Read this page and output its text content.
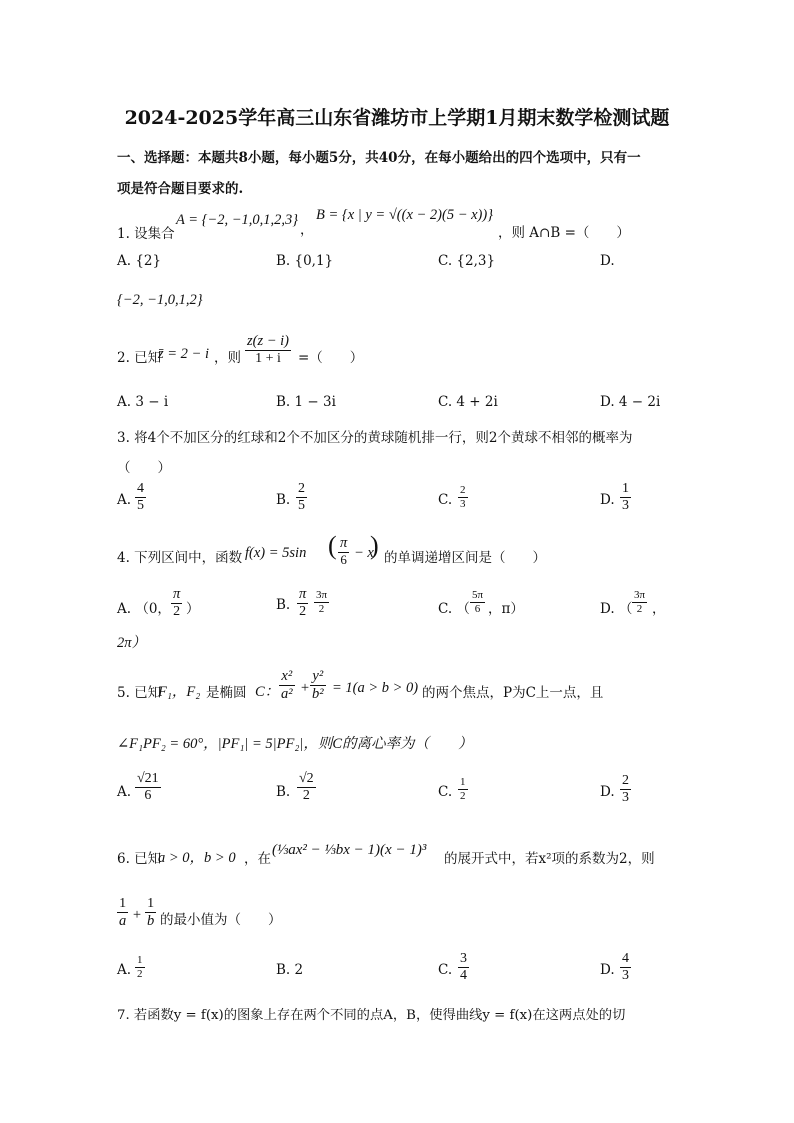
2024-2025学年高三山东省潍坊市上学期1月期末数学检测试题
一、选择题：本题共8小题，每小题5分，共40分，在每小题给出的四个选项中，只有一
项是符合题目要求的.
1. 设集合
A = {−2, −1,0,1,2,3}
，
B = {x | y = √((x − 2)(5 − x))}
，则 A∩B =（　　）
A. {2}	B. {0,1}	C. {2,3}	D.
{−2, −1,0,1,2}
2. 已知
z̄ = 2 − i ，则 $\frac{z(z - i)}{1 + i}$ =（　　）
A. 3 − i	B. 1 − 3i	C. 4 + 2i	D. 4 − 2i
3. 将4个不加区分的红球和2个不加区分的黄球随机排一行，则2个黄球不相邻的概率为
（　　）
A. $\frac{4}{5}$	B. $\frac{2}{5}$	C. $\frac{2}{3}$	D. $\frac{1}{3}$
4. 下列区间中，函数 f(x) = 5sin ( $\frac{\pi}{6} - x$
) 的单调递增区间是（　　）
A. （0， $\frac{\pi}{2}$ ）	B. $\frac{\pi}{2} \frac{3\pi}{2}$	C. （ $\frac{5\pi}{6}$ ，π）	D. （ $\frac{3\pi}{2}$ ，
2π）
5. 已知
F₁，F₂ 是椭圆 C： $\frac{\text{x²}}{\text{a²}} + \frac{\text{y²}}{\text{b²}} = 1(a > b > 0)$ 的两个焦点，P为C上一点，且
∠F₁PF₂ = 60°，|PF₁| = 5|PF₂|，则C的离心率为（　　）
A. $\frac{√21}{6}$	B. $\frac{√2}{2}$	C. $\frac{1}{2}$	D. $\frac{2}{3}$
6. 已知
a > 0，b > 0 ，在
(⅓ax² − ⅓bx − 1)(x − 1)³
的展开式中，若x²项的系数为2，则
$\frac{1}{a} + \frac{1}{b}$ 的最小值为（　　）
A. $\frac{1}{2}$	B. 2	C. $\frac{3}{4}$	D. $\frac{4}{3}$
7. 若函数y = f(x)的图象上存在两个不同的点A，B，使得曲线y = f(x)在这两点处的切
